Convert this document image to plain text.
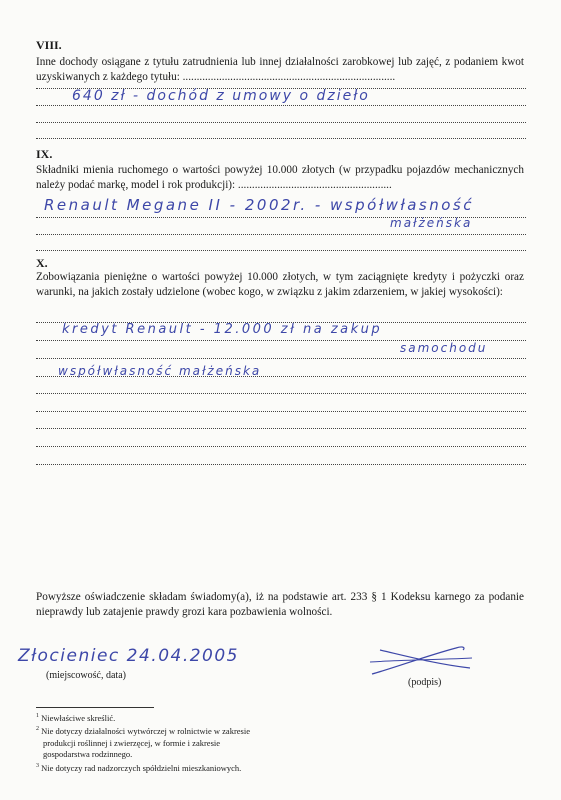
VIII.
Inne dochody osiągane z tytułu zatrudnienia lub innej działalności zarobkowej lub zajęć, z podaniem kwot uzyskiwanych z każdego tytułu: ............................................................................
640 zł - dochód z umowy o dzieło
IX.
Składniki mienia ruchomego o wartości powyżej 10.000 złotych (w przypadku pojazdów mechanicznych należy podać markę, model i rok produkcji): .......................................................
Renault Megane II - 2002r. - współwłasność
małżeńska
X.
Zobowiązania pieniężne o wartości powyżej 10.000 złotych, w tym zaciągnięte kredyty i pożyczki oraz warunki, na jakich zostały udzielone (wobec kogo, w związku z jakim zdarzeniem, w jakiej wysokości):
kredyt Renault - 12.000 zł na zakup
samochodu
współwłasność małżeńska
Powyższe oświadczenie składam świadomy(a), iż na podstawie art. 233 § 1 Kodeksu karnego za podanie nieprawdy lub zatajenie prawdy grozi kara pozbawienia wolności.
Złocieniec 24.04.2005
(miejscowość, data)
(podpis)
$^1$ Niewłaściwe skreślić.
$^2$ Nie dotyczy działalności wytwórczej w rolnictwie w zakresie
produkcji roślinnej i zwierzęcej, w formie i zakresie
gospodarstwa rodzinnego.
$^3$ Nie dotyczy rad nadzorczych spółdzielni mieszkaniowych.
